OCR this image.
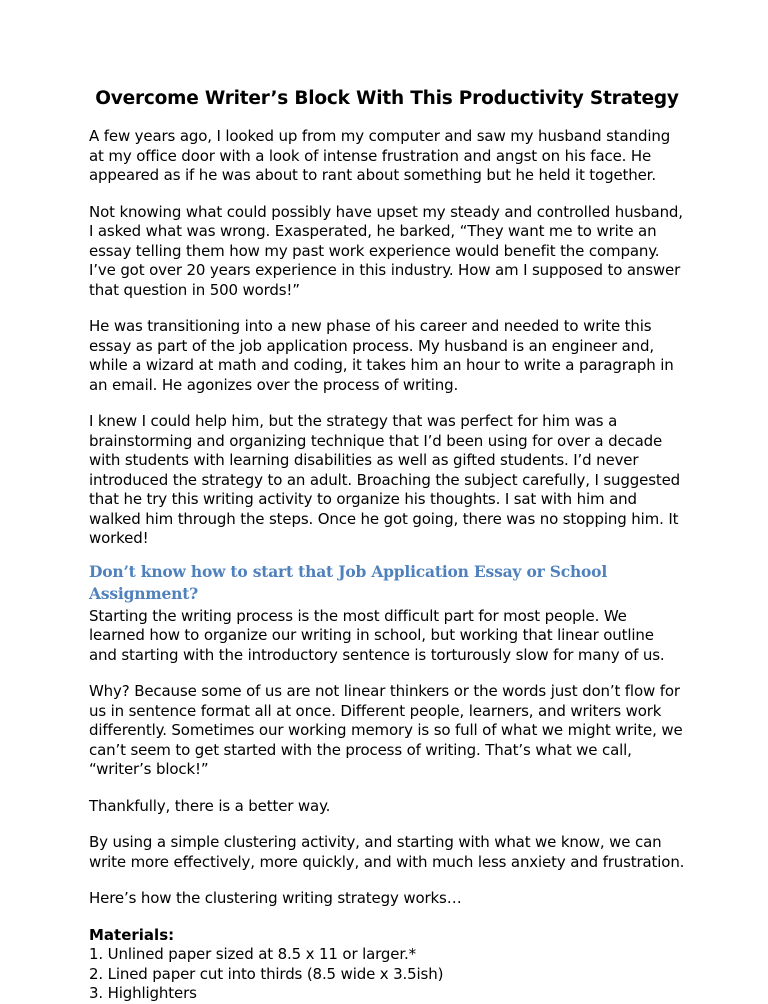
Overcome Writer’s Block With This Productivity Strategy

A few years ago, I looked up from my computer and saw my husband standing at my office door with a look of intense frustration and angst on his face. He appeared as if he was about to rant about something but he held it together.

Not knowing what could possibly have upset my steady and controlled husband, I asked what was wrong. Exasperated, he barked, “They want me to write an essay telling them how my past work experience would benefit the company. I’ve got over 20 years experience in this industry. How am I supposed to answer that question in 500 words!”

He was transitioning into a new phase of his career and needed to write this essay as part of the job application process. My husband is an engineer and, while a wizard at math and coding, it takes him an hour to write a paragraph in an email. He agonizes over the process of writing.

I knew I could help him, but the strategy that was perfect for him was a brainstorming and organizing technique that I’d been using for over a decade with students with learning disabilities as well as gifted students. I’d never introduced the strategy to an adult. Broaching the subject carefully, I suggested that he try this writing activity to organize his thoughts. I sat with him and walked him through the steps. Once he got going, there was no stopping him. It worked!

Don’t know how to start that Job Application Essay or School Assignment?

Starting the writing process is the most difficult part for most people. We learned how to organize our writing in school, but working that linear outline and starting with the introductory sentence is torturously slow for many of us.

Why? Because some of us are not linear thinkers or the words just don’t flow for us in sentence format all at once. Different people, learners, and writers work differently. Sometimes our working memory is so full of what we might write, we can’t seem to get started with the process of writing. That’s what we call, “writer’s block!”

Thankfully, there is a better way.

By using a simple clustering activity, and starting with what we know, we can write more effectively, more quickly, and with much less anxiety and frustration.

Here’s how the clustering writing strategy works…

Materials:
1. Unlined paper sized at 8.5 x 11 or larger.*
2. Lined paper cut into thirds (8.5 wide x 3.5ish)
3. Highlighters
